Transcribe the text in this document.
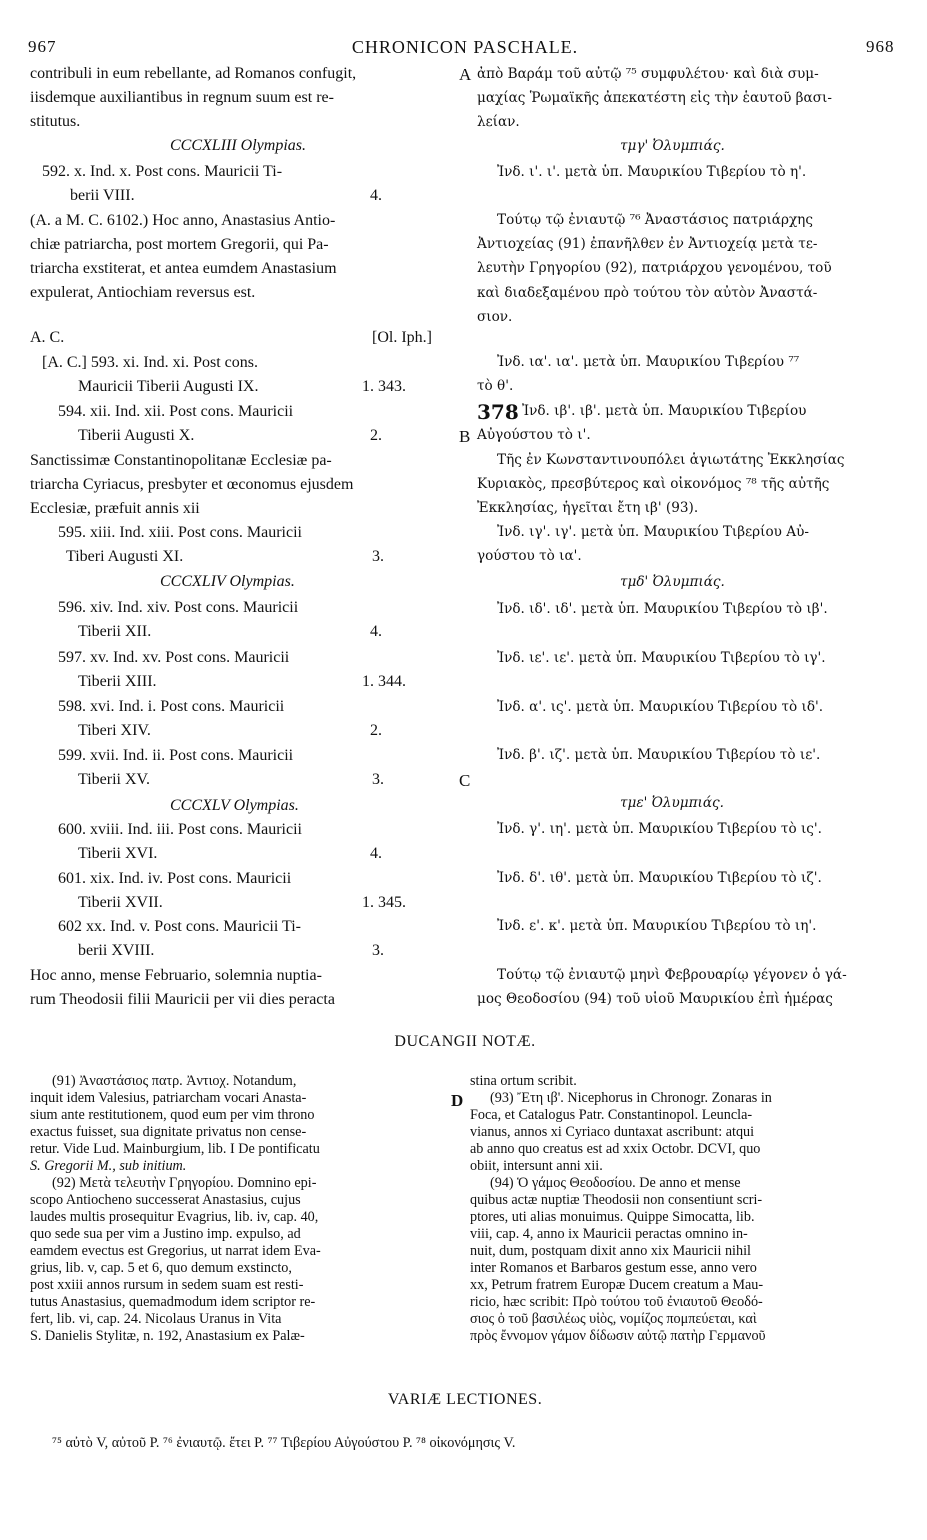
967	CHRONICON PASCHALE.	968
contribuli in eum rebellante, ad Romanos confugit,
iisdemque auxiliantibus in regnum suum est re-
stitutus.
CCCXLIII Olympias.
592. x. Ind. x. Post cons. Mauricii Ti-
berii VIII.	4.
(A. a M. C. 6102.) Hoc anno, Anastasius Antio-
chiæ patriarcha, post mortem Gregorii, qui Pa-
triarcha exstiterat, et antea eumdem Anastasium
expulerat, Antiochiam reversus est.
A. C.	[Ol. Iph.]
[A. C.] 593. xi. Ind. xi. Post cons.
Mauricii Tiberii Augusti IX.	1. 343.
594. xii. Ind. xii. Post cons. Mauricii
Tiberii Augusti X.	2.
Sanctissimæ Constantinopolitanæ Ecclesiæ pa-
triarcha Cyriacus, presbyter et œconomus ejusdem
Ecclesiæ, præfuit annis xii
595. xiii. Ind. xiii. Post cons. Mauricii
Tiberi Augusti XI.	3.
CCCXLIV Olympias.
596. xiv. Ind. xiv. Post cons. Mauricii
Tiberii XII.	4.
597. xv. Ind. xv. Post cons. Mauricii
Tiberii XIII.	1. 344.
598. xvi. Ind. i. Post cons. Mauricii
Tiberi XIV.	2.
599. xvii. Ind. ii. Post cons. Mauricii
Tiberii XV.	3.
CCCXLV Olympias.
600. xviii. Ind. iii. Post cons. Mauricii
Tiberii XVI.	4.
601. xix. Ind. iv. Post cons. Mauricii
Tiberii XVII.	1. 345.
602 xx. Ind. v. Post cons. Mauricii Ti-
berii XVIII.	3.
Hoc anno, mense Februario, solemnia nuptia-
rum Theodosii filii Mauricii per vii dies peracta
A
B
C
D
ἀπὸ Βαράμ τοῦ αὐτῷ ⁷⁵ συμφυλέτου· καὶ διὰ συμ-
μαχίας Ῥωμαϊκῆς ἀπεκατέστη εἰς τὴν ἑαυτοῦ βασι-
λείαν.
τμγ' Ὀλυμπιάς.
Ἰνδ. ι'. ι'. μετὰ ὑπ. Μαυρικίου Τιβερίου τὸ η'.
Τούτῳ τῷ ἐνιαυτῷ ⁷⁶ Ἀναστάσιος πατριάρχης
Ἀντιοχείας (91) ἐπανῆλθεν ἐν Ἀντιοχείᾳ μετὰ τε-
λευτὴν Γρηγορίου (92), πατριάρχου γενομένου, τοῦ
καὶ διαδεξαμένου πρὸ τούτου τὸν αὐτὸν Ἀναστά-
σιον.
Ἰνδ. ια'. ια'. μετὰ ὑπ. Μαυρικίου Τιβερίου ⁷⁷
τὸ θ'.
378 Ἰνδ. ιβ'. ιβ'. μετὰ ὑπ. Μαυρικίου Τιβερίου
Αὐγούστου τὸ ι'.
Τῆς ἐν Κωνσταντινουπόλει ἁγιωτάτης Ἐκκλησίας
Κυριακὸς, πρεσβύτερος καὶ οἰκονόμος ⁷⁸ τῆς αὐτῆς
Ἐκκλησίας, ἡγεῖται ἔτη ιβ' (93).
Ἰνδ. ιγ'. ιγ'. μετὰ ὑπ. Μαυρικίου Τιβερίου Αὐ-
γούστου τὸ ια'.
τμδ' Ὀλυμπιάς.
Ἰνδ. ιδ'. ιδ'. μετὰ ὑπ. Μαυρικίου Τιβερίου τὸ ιβ'.
Ἰνδ. ιε'. ιε'. μετὰ ὑπ. Μαυρικίου Τιβερίου τὸ ιγ'.
Ἰνδ. α'. ις'. μετὰ ὑπ. Μαυρικίου Τιβερίου τὸ ιδ'.
Ἰνδ. β'. ιζ'. μετὰ ὑπ. Μαυρικίου Τιβερίου τὸ ιε'.
τμε' Ὀλυμπιάς.
Ἰνδ. γ'. ιη'. μετὰ ὑπ. Μαυρικίου Τιβερίου τὸ ις'.
Ἰνδ. δ'. ιθ'. μετὰ ὑπ. Μαυρικίου Τιβερίου τὸ ιζ'.
Ἰνδ. ε'. κ'. μετὰ ὑπ. Μαυρικίου Τιβερίου τὸ ιη'.
Τούτῳ τῷ ἐνιαυτῷ μηνὶ Φεβρουαρίῳ γέγονεν ὁ γά-
μος Θεοδοσίου (94) τοῦ υἱοῦ Μαυρικίου ἐπὶ ἡμέρας
DUCANGII NOTÆ.
(91) Ἀναστάσιος πατρ. Ἀντιοχ. Notandum,
inquit idem Valesius, patriarcham vocari Anasta-
sium ante restitutionem, quod eum per vim throno
exactus fuisset, sua dignitate privatus non cense-
retur. Vide Lud. Mainburgium, lib. I De pontificatu
S. Gregorii M., sub initium.
(92) Μετὰ τελευτὴν Γρηγορίου. Domnino epi-
scopo Antiocheno successerat Anastasius, cujus
laudes multis prosequitur Evagrius, lib. iv, cap. 40,
quo sede sua per vim a Justino imp. expulso, ad
eamdem evectus est Gregorius, ut narrat idem Eva-
grius, lib. v, cap. 5 et 6, quo demum exstincto,
post xxiii annos rursum in sedem suam est resti-
tutus Anastasius, quemadmodum idem scriptor re-
fert, lib. vi, cap. 24. Nicolaus Uranus in Vita
S. Danielis Stylitæ, n. 192, Anastasium ex Palæ-
stina ortum scribit.
(93) Ἔτη ιβ'. Nicephorus in Chronogr. Zonaras in
Foca, et Catalogus Patr. Constantinopol. Leuncla-
vianus, annos xi Cyriaco duntaxat ascribunt: atqui
ab anno quo creatus est ad xxix Octobr. DCVI, quo
obiit, intersunt anni xii.
(94) Ὁ γάμος Θεοδοσίου. De anno et mense
quibus actæ nuptiæ Theodosii non consentiunt scri-
ptores, uti alias monuimus. Quippe Simocatta, lib.
viii, cap. 4, anno ix Mauricii peractas omnino in-
nuit, dum, postquam dixit anno xix Mauricii nihil
inter Romanos et Barbaros gestum esse, anno vero
xx, Petrum fratrem Europæ Ducem creatum a Mau-
ricio, hæc scribit: Πρὸ τούτου τοῦ ἐνιαυτοῦ Θεοδό-
σιος ὁ τοῦ βασιλέως υἱὸς, νομίζος πομπεύεται, καὶ
πρὸς ἔννομον γάμον δίδωσιν αὐτῷ πατὴρ Γερμανοῦ
VARIÆ LECTIONES.
⁷⁵ αὐτὸ V, αὐτοῦ P. ⁷⁶ ἐνιαυτῷ. ἔτει P. ⁷⁷ Τιβερίου Αὐγούστου P. ⁷⁸ οἰκονόμησις V.
